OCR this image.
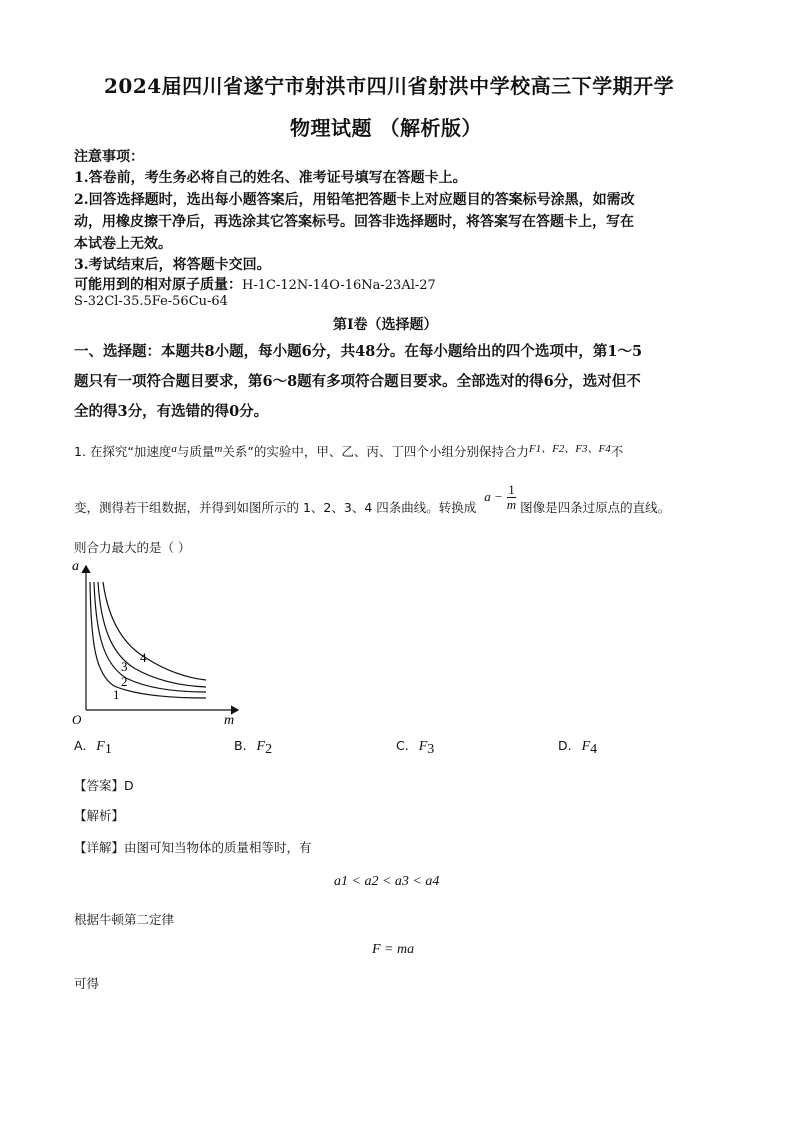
2024届四川省遂宁市射洪市四川省射洪中学校高三下学期开学
物理试题 （解析版）
注意事项：
1.答卷前，考生务必将自己的姓名、准考证号填写在答题卡上。
2.回答选择题时，选出每小题答案后，用铅笔把答题卡上对应题目的答案标号涂黑，如需改
动，用橡皮擦干净后，再选涂其它答案标号。回答非选择题时，将答案写在答题卡上，写在
本试卷上无效。
3.考试结束后，将答题卡交回。
可能用到的相对原子质量：H-1C-12N-14O-16Na-23Al-27
S-32Cl-35.5Fe-56Cu-64
第I卷（选择题）
一、选择题：本题共8小题，每小题6分，共48分。在每小题给出的四个选项中，第1～5
题只有一项符合题目要求，第6～8题有多项符合题目要求。全部选对的得6分，选对但不
全的得3分，有选错的得0分。
1. 在探究“加速度a与质量m关系”的实验中，甲、乙、丙、丁四个小组分别保持合力F1、F2、F3、F4不
变，测得若干组数据，并得到如图所示的 1、2、3、4 四条曲线。转换成 $a - \frac{1}{m}$ 图像是四条过原点的直线。
则合力最大的是（ ）
a
O	m
1
2
3
4
A. $F_1$	B. $F_2$	C. $F_3$	D. $F_4$
【答案】D
【解析】
【详解】由图可知当物体的质量相等时，有
a1 < a2 < a3 < a4
根据牛顿第二定律
F = ma
可得
